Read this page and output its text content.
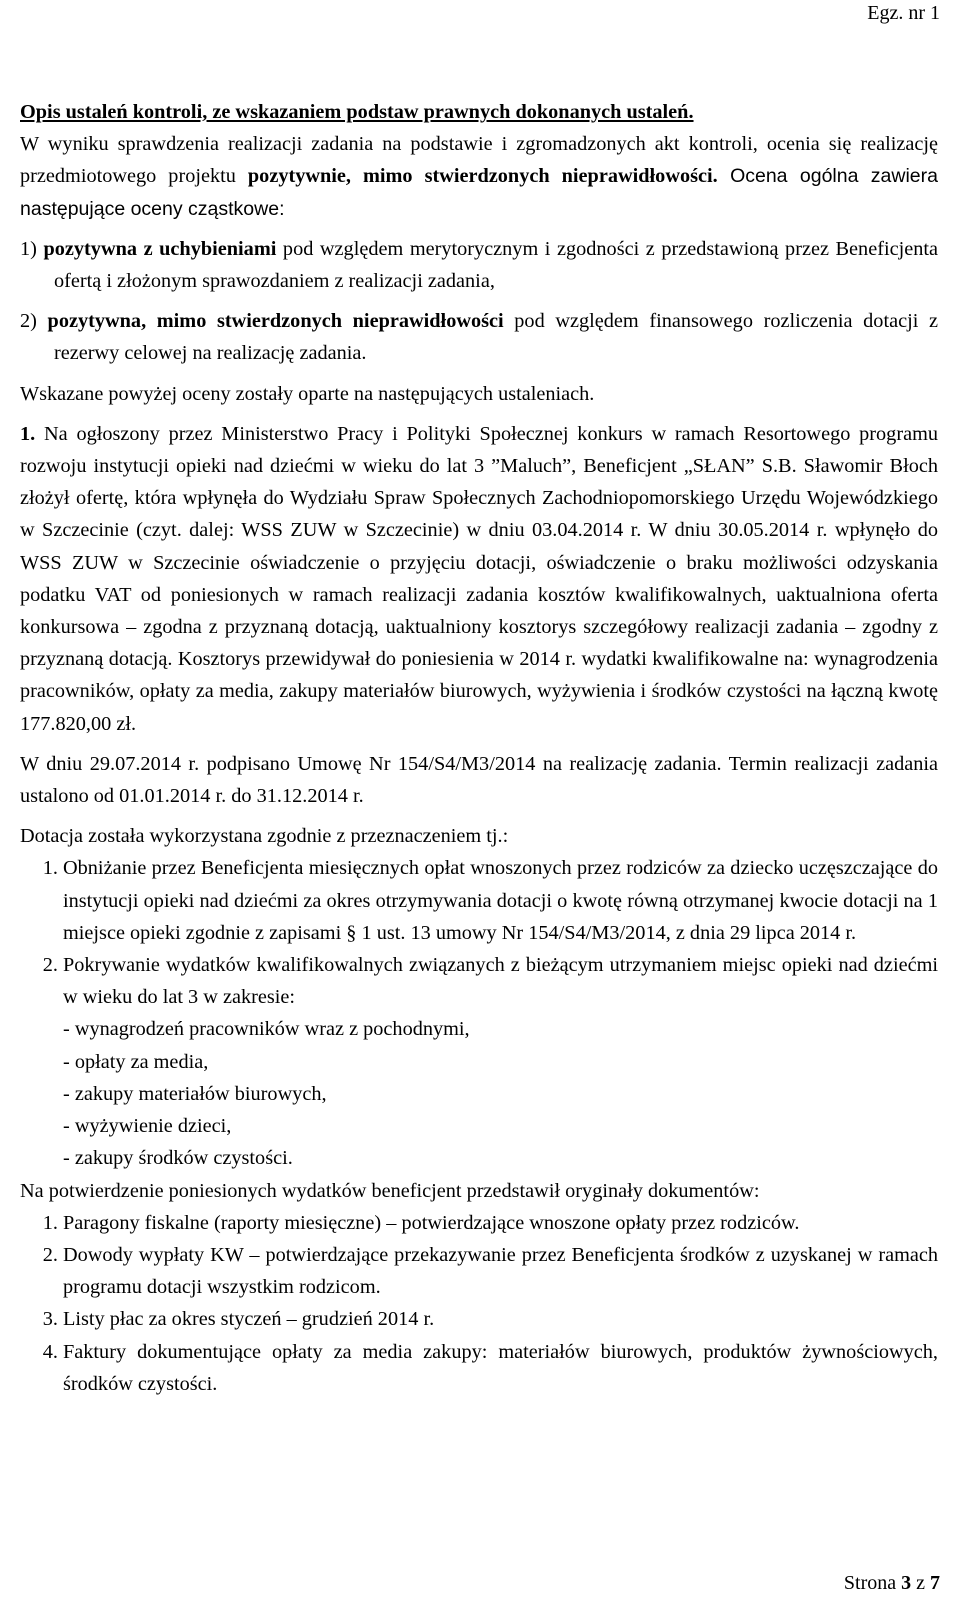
Egz. nr 1

Opis ustaleń kontroli, ze wskazaniem podstaw prawnych dokonanych ustaleń.

W wyniku sprawdzenia realizacji zadania na podstawie i zgromadzonych akt kontroli, ocenia się realizację przedmiotowego projektu pozytywnie, mimo stwierdzonych nieprawidłowości. Ocena ogólna zawiera następujące oceny cząstkowe:

1) pozytywna z uchybieniami pod względem merytorycznym i zgodności z przedstawioną przez Beneficjenta ofertą i złożonym sprawozdaniem z realizacji zadania,

2) pozytywna, mimo stwierdzonych nieprawidłowości pod względem finansowego rozliczenia dotacji z rezerwy celowej na realizację zadania.

Wskazane powyżej oceny zostały oparte na następujących ustaleniach.

1. Na ogłoszony przez Ministerstwo Pracy i Polityki Społecznej konkurs w ramach Resortowego programu rozwoju instytucji opieki nad dziećmi w wieku do lat 3 ”Maluch”, Beneficjent „SŁAN” S.B. Sławomir Błoch złożył ofertę, która wpłynęła do Wydziału Spraw Społecznych Zachodniopomorskiego Urzędu Wojewódzkiego w Szczecinie (czyt. dalej: WSS ZUW w Szczecinie) w dniu 03.04.2014 r. W dniu 30.05.2014 r. wpłynęło do WSS ZUW w Szczecinie oświadczenie o przyjęciu dotacji, oświadczenie o braku możliwości odzyskania podatku VAT od poniesionych w ramach realizacji zadania kosztów kwalifikowalnych, uaktualniona oferta konkursowa – zgodna z przyznaną dotacją, uaktualniony kosztorys szczegółowy realizacji zadania – zgodny z przyznaną dotacją. Kosztorys przewidywał do poniesienia w 2014 r. wydatki kwalifikowalne na: wynagrodzenia pracowników, opłaty za media, zakupy materiałów biurowych, wyżywienia i środków czystości na łączną kwotę 177.820,00 zł.

W dniu 29.07.2014 r. podpisano Umowę Nr 154/S4/M3/2014 na realizację zadania. Termin realizacji zadania ustalono od 01.01.2014 r. do 31.12.2014 r.

Dotacja została wykorzystana zgodnie z przeznaczeniem tj.:

1. Obniżanie przez Beneficjenta miesięcznych opłat wnoszonych przez rodziców za dziecko uczęszczające do instytucji opieki nad dziećmi za okres otrzymywania dotacji o kwotę równą otrzymanej kwocie dotacji na 1 miejsce opieki zgodnie z zapisami § 1 ust. 13 umowy Nr 154/S4/M3/2014, z dnia 29 lipca 2014 r.
2. Pokrywanie wydatków kwalifikowalnych związanych z bieżącym utrzymaniem miejsc opieki nad dziećmi w wieku do lat 3 w zakresie:
- wynagrodzeń pracowników wraz z pochodnymi,
- opłaty za media,
- zakupy materiałów biurowych,
- wyżywienie dzieci,
- zakupy środków czystości.

Na potwierdzenie poniesionych wydatków beneficjent przedstawił oryginały dokumentów:

1. Paragony fiskalne (raporty miesięczne) – potwierdzające wnoszone opłaty przez rodziców.
2. Dowody wypłaty KW – potwierdzające przekazywanie przez Beneficjenta środków z uzyskanej w ramach programu dotacji wszystkim rodzicom.
3. Listy płac za okres styczeń – grudzień 2014 r.
4. Faktury dokumentujące opłaty za media zakupy: materiałów biurowych, produktów żywnościowych, środków czystości.
Strona 3 z 7
